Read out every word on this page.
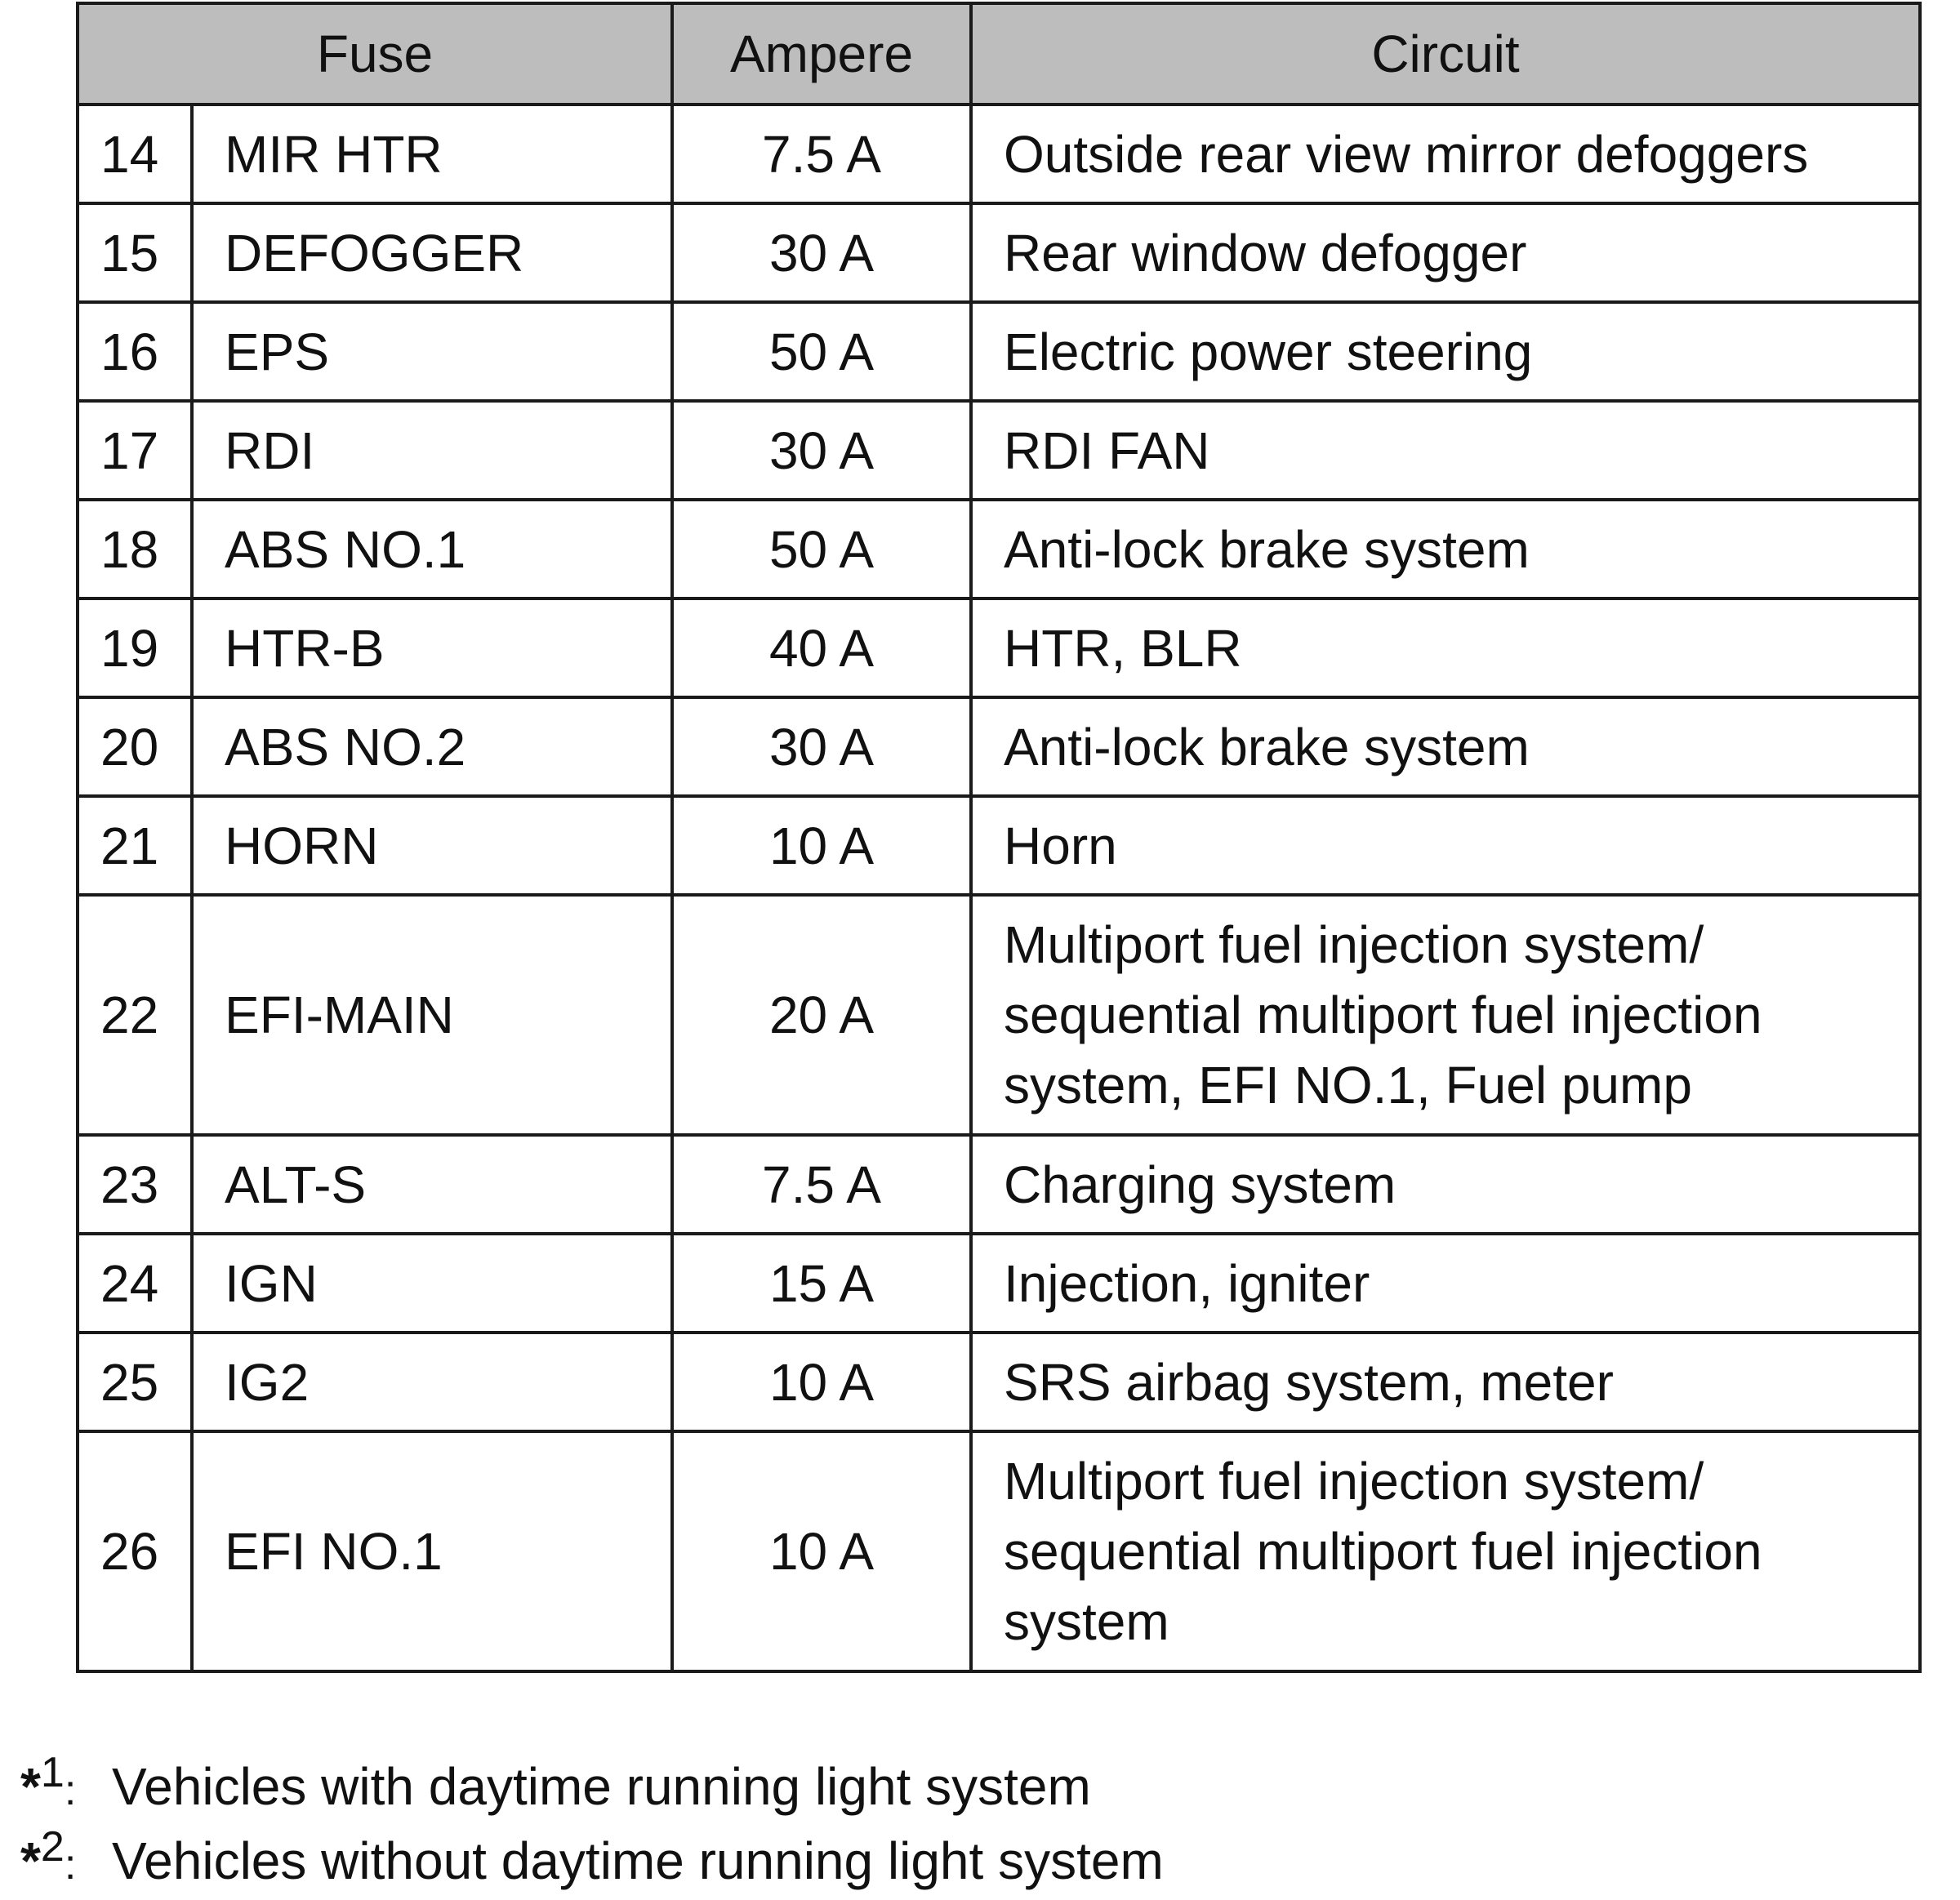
Fuse		Ampere	Circuit
14	MIR HTR	7.5 A	Outside rear view mirror defoggers
15	DEFOGGER	30 A	Rear window defogger
16	EPS	50 A	Electric power steering
17	RDI	30 A	RDI FAN
18	ABS NO.1	50 A	Anti-lock brake system
19	HTR-B	40 A	HTR, BLR
20	ABS NO.2	30 A	Anti-lock brake system
21	HORN	10 A	Horn
22	EFI-MAIN	20 A	Multiport fuel injection system/
sequential multiport fuel injection
system, EFI NO.1, Fuel pump
23	ALT-S	7.5 A	Charging system
24	IGN	15 A	Injection, igniter
25	IG2	10 A	SRS airbag system, meter
26	EFI NO.1	10 A	Multiport fuel injection system/
sequential multiport fuel injection
system
*$^1$: Vehicles with daytime running light system
*$^2$: Vehicles without daytime running light system
